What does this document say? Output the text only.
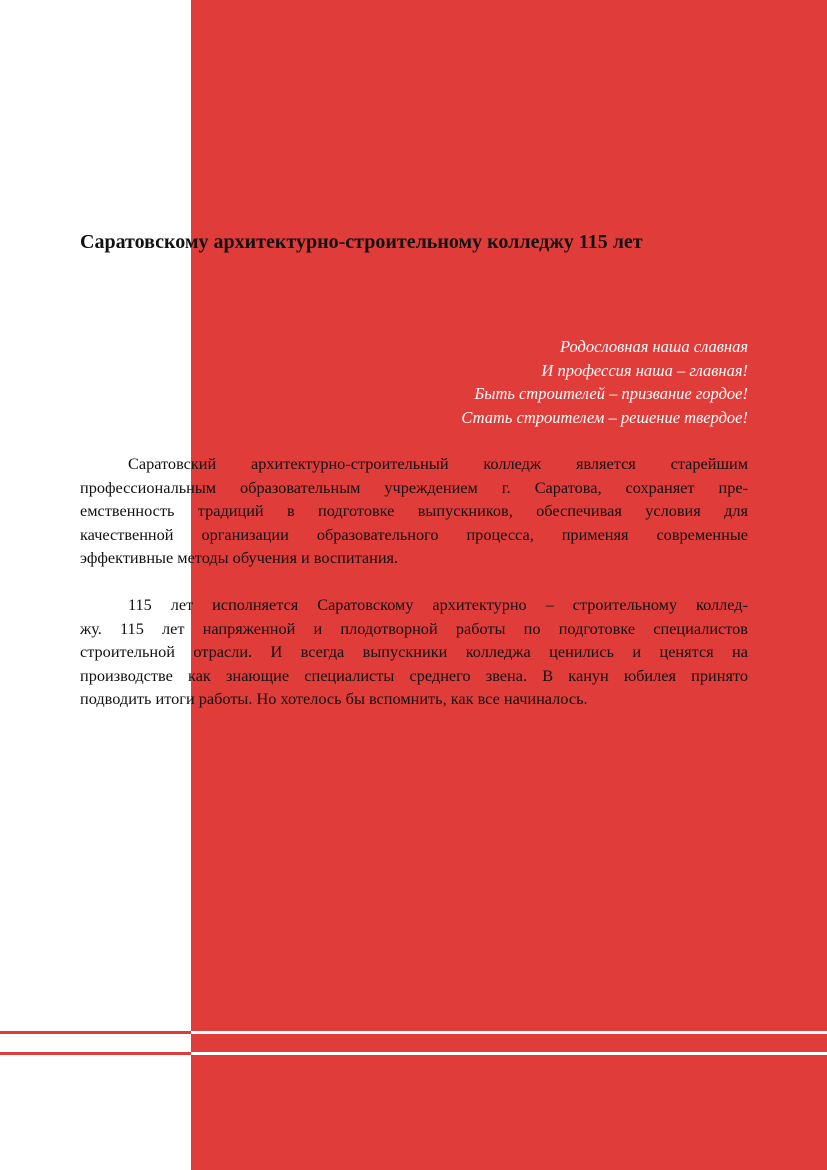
Саратовскому архитектурно-строительному колледжу 115 лет
Родословная наша славная
И профессия наша – главная!
Быть строителей – призвание гордое!
Стать строителем – решение твердое!
Саратовский архитектурно-строительный колледж является старейшим
профессиональным образовательным учреждением г. Саратова, сохраняет пре-
емственность традиций в подготовке выпускников, обеспечивая условия для
качественной организации образовательного процесса, применяя современные
эффективные методы обучения и воспитания.
115 лет исполняется Саратовскому архитектурно – строительному коллед-
жу. 115 лет напряженной и плодотворной работы по подготовке специалистов
строительной отрасли. И всегда выпускники колледжа ценились и ценятся на
производстве как знающие специалисты среднего звена. В канун юбилея принято
подводить итоги работы. Но хотелось бы вспомнить, как все начиналось.
